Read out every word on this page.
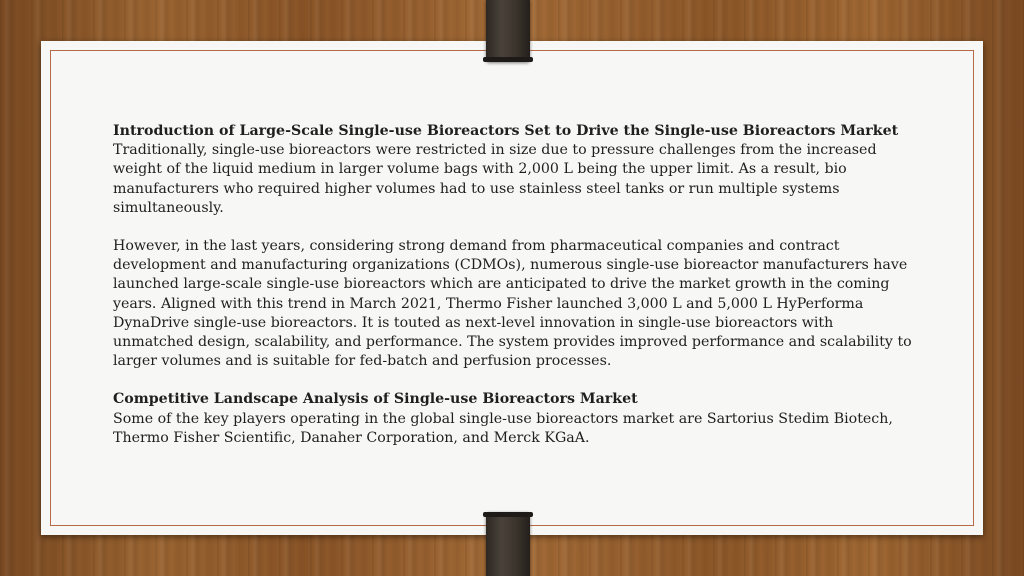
Introduction of Large-Scale Single-use Bioreactors Set to Drive the Single-use Bioreactors Market

Traditionally, single-use bioreactors were restricted in size due to pressure challenges from the increased weight of the liquid medium in larger volume bags with 2,000 L being the upper limit. As a result, bio manufacturers who required higher volumes had to use stainless steel tanks or run multiple systems simultaneously.

However, in the last years, considering strong demand from pharmaceutical companies and contract development and manufacturing organizations (CDMOs), numerous single-use bioreactor manufacturers have launched large-scale single-use bioreactors which are anticipated to drive the market growth in the coming years. Aligned with this trend in March 2021, Thermo Fisher launched 3,000 L and 5,000 L HyPerforma DynaDrive single-use bioreactors. It is touted as next-level innovation in single-use bioreactors with unmatched design, scalability, and performance. The system provides improved performance and scalability to larger volumes and is suitable for fed-batch and perfusion processes.

Competitive Landscape Analysis of Single-use Bioreactors Market

Some of the key players operating in the global single-use bioreactors market are Sartorius Stedim Biotech, Thermo Fisher Scientific, Danaher Corporation, and Merck KGaA.
